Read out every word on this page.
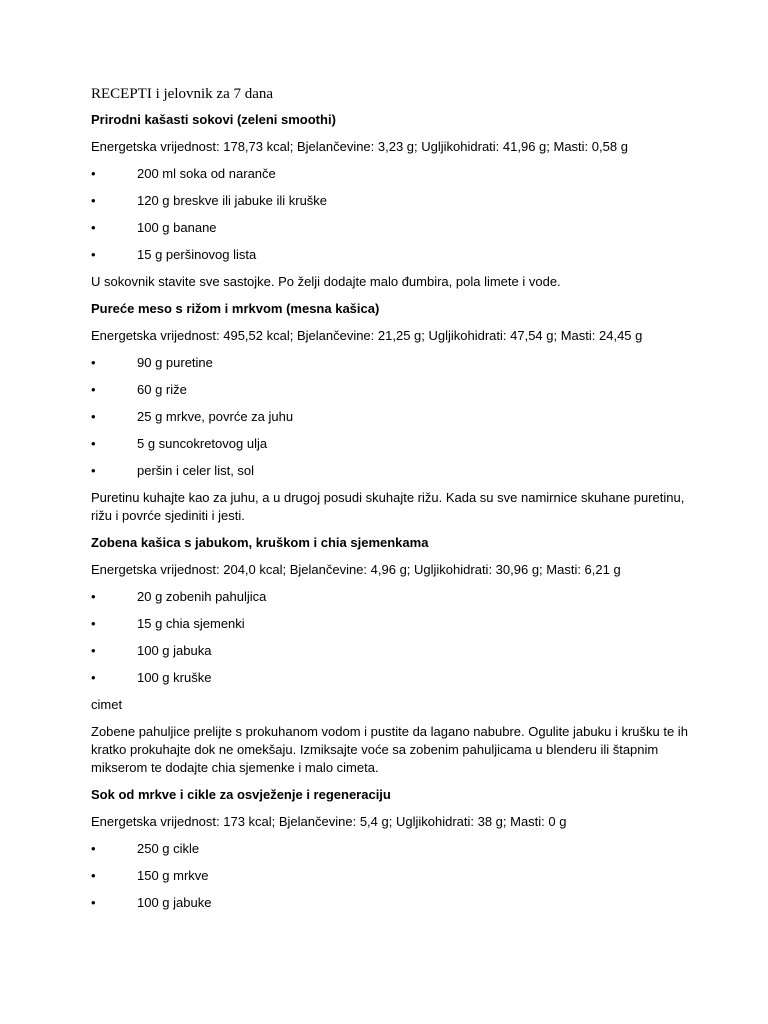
RECEPTI i jelovnik za 7 dana

Prirodni kašasti sokovi (zeleni smoothi)

Energetska vrijednost: 178,73 kcal; Bjelančevine: 3,23 g; Ugljikohidrati: 41,96 g; Masti: 0,58 g

•	200 ml soka od naranče
•	120 g breskve ili jabuke ili kruške
•	100 g banane
•	15 g peršinovog lista

U sokovnik stavite sve sastojke. Po želji dodajte malo đumbira, pola limete i vode.

Pureće meso s rižom i mrkvom (mesna kašica)

Energetska vrijednost: 495,52 kcal; Bjelančevine: 21,25 g; Ugljikohidrati: 47,54 g; Masti: 24,45 g

•	90 g puretine
•	60 g riže
•	25 g mrkve, povrće za juhu
•	5 g suncokretovog ulja
•	peršin i celer list, sol

Puretinu kuhajte kao za juhu, a u drugoj posudi skuhajte rižu. Kada su sve namirnice skuhane puretinu, rižu i povrće sjediniti i jesti.

Zobena kašica s jabukom, kruškom i chia sjemenkama

Energetska vrijednost: 204,0 kcal; Bjelančevine: 4,96 g; Ugljikohidrati: 30,96 g; Masti: 6,21 g

•	20 g zobenih pahuljica
•	15 g chia sjemenki
•	100 g jabuka
•	100 g kruške

cimet

Zobene pahuljice prelijte s prokuhanom vodom i pustite da lagano nabubre. Ogulite jabuku i krušku te ih kratko prokuhajte dok ne omekšaju. Izmiksajte voće sa zobenim pahuljicama u blenderu ili štapnim mikserom te dodajte chia sjemenke i malo cimeta.

Sok od mrkve i cikle za osvježenje i regeneraciju

Energetska vrijednost: 173 kcal; Bjelančevine: 5,4 g; Ugljikohidrati: 38 g; Masti: 0 g

•	250 g cikle
•	150 g mrkve
•	100 g jabuke
